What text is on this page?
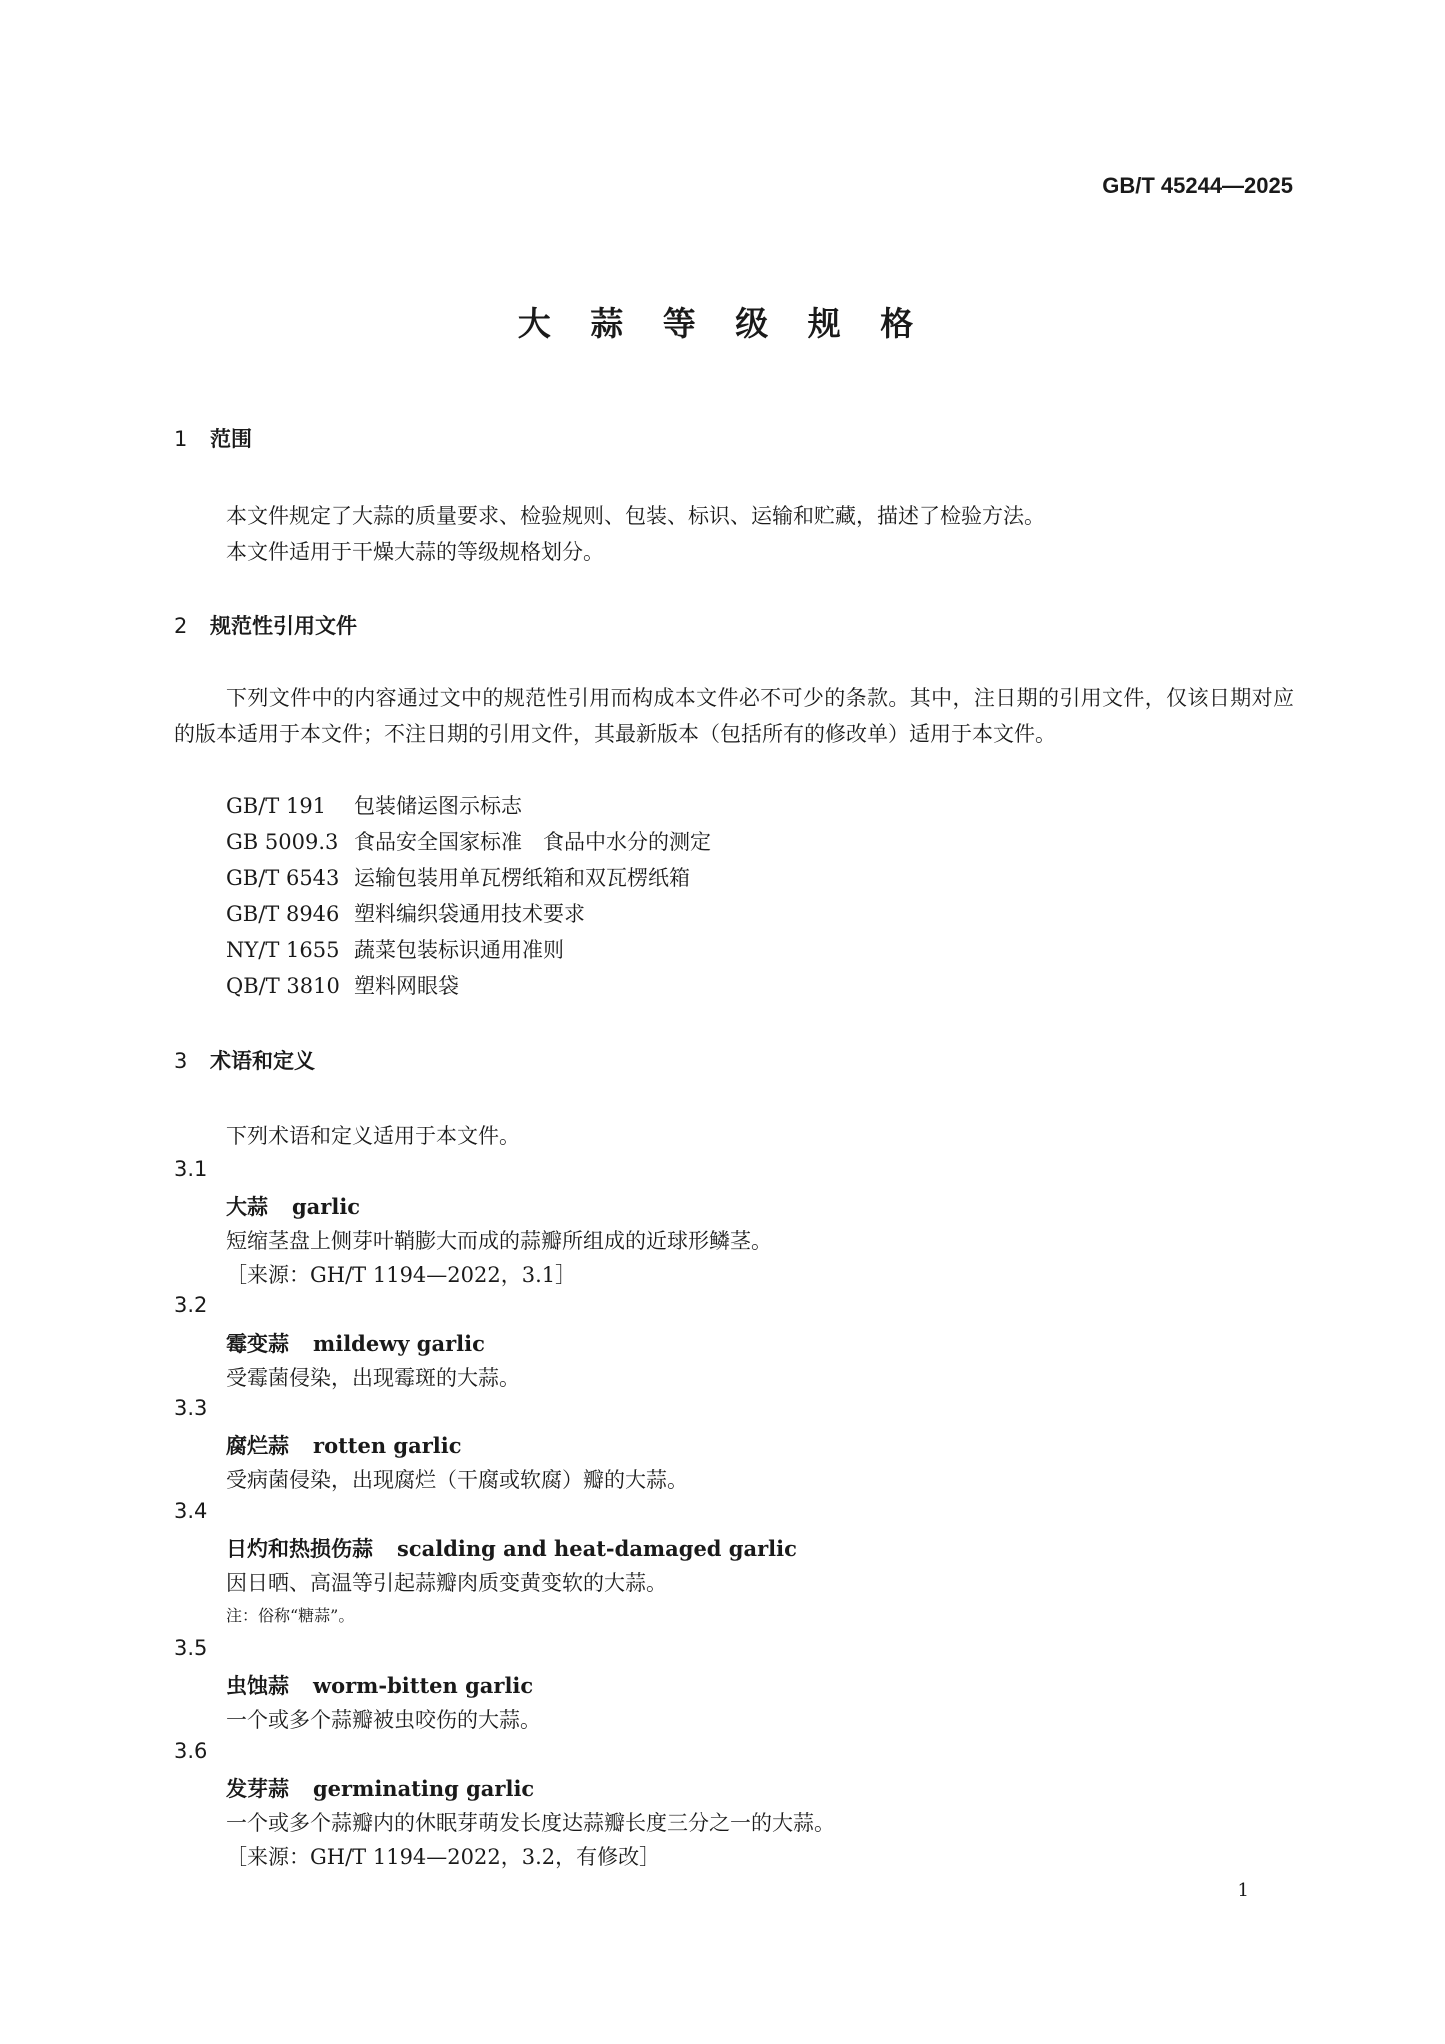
GB/T 45244—2025
大 蒜 等 级 规 格
1 范围
本文件规定了大蒜的质量要求、检验规则、包装、标识、运输和贮藏，描述了检验方法。
本文件适用于干燥大蒜的等级规格划分。
2 规范性引用文件
下列文件中的内容通过文中的规范性引用而构成本文件必不可少的条款。其中，注日期的引用文件，仅该日期对应的版本适用于本文件；不注日期的引用文件，其最新版本（包括所有的修改单）适用于本文件。
GB/T 191 包装储运图示标志
GB 5009.3 食品安全国家标准　食品中水分的测定
GB/T 6543 运输包装用单瓦楞纸箱和双瓦楞纸箱
GB/T 8946 塑料编织袋通用技术要求
NY/T 1655 蔬菜包装标识通用准则
QB/T 3810 塑料网眼袋
3 术语和定义
下列术语和定义适用于本文件。
3.1
大蒜 garlic
短缩茎盘上侧芽叶鞘膨大而成的蒜瓣所组成的近球形鳞茎。
［来源：GH/T 1194—2022，3.1］
3.2
霉变蒜 mildewy garlic
受霉菌侵染，出现霉斑的大蒜。
3.3
腐烂蒜 rotten garlic
受病菌侵染，出现腐烂（干腐或软腐）瓣的大蒜。
3.4
日灼和热损伤蒜 scalding and heat-damaged garlic
因日晒、高温等引起蒜瓣肉质变黄变软的大蒜。
注：俗称“糖蒜”。
3.5
虫蚀蒜 worm-bitten garlic
一个或多个蒜瓣被虫咬伤的大蒜。
3.6
发芽蒜 germinating garlic
一个或多个蒜瓣内的休眠芽萌发长度达蒜瓣长度三分之一的大蒜。
［来源：GH/T 1194—2022，3.2，有修改］
1
